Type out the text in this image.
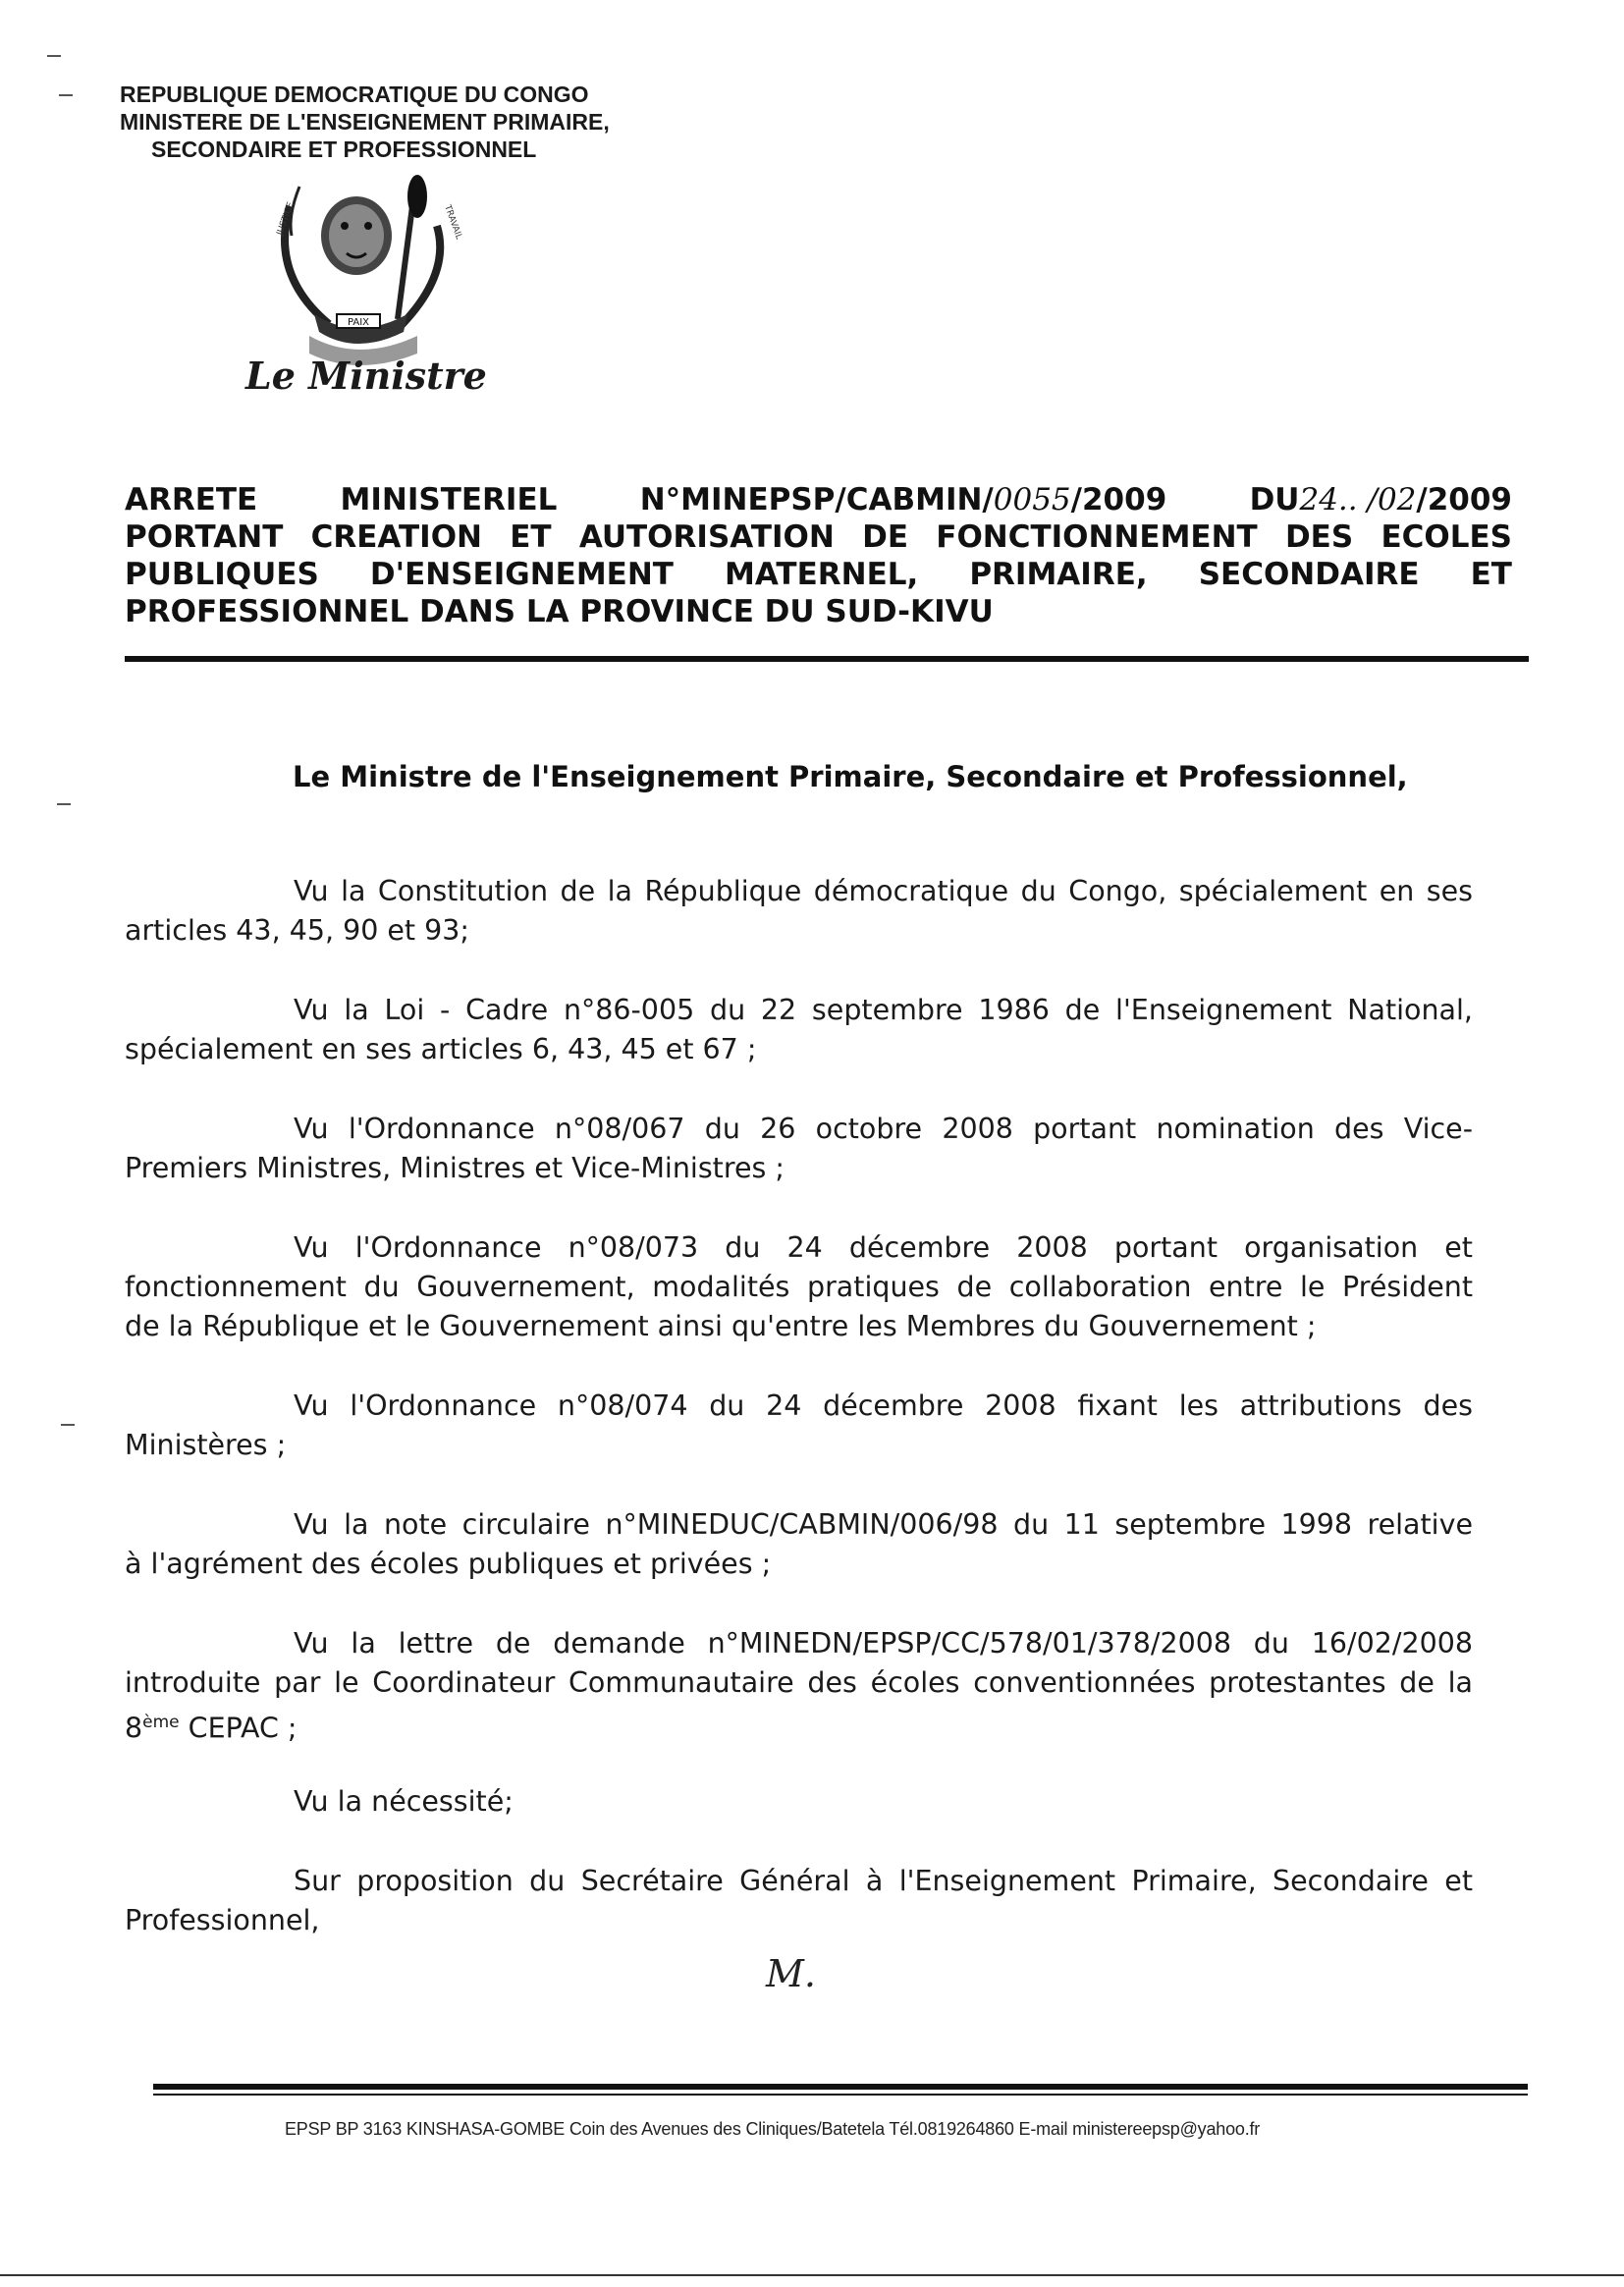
REPUBLIQUE DEMOCRATIQUE DU CONGO
MINISTERE DE L'ENSEIGNEMENT PRIMAIRE,
SECONDAIRE ET PROFESSIONNEL
PAIX
JUSTICE	TRAVAIL
Le Ministre
ARRETE	MINISTERIEL	N°MINEPSP/CABMIN/0055/2009	DU24.. /02/2009
PORTANT CREATION ET AUTORISATION DE FONCTIONNEMENT DES ECOLES
PUBLIQUES D'ENSEIGNEMENT MATERNEL, PRIMAIRE, SECONDAIRE ET
PROFESSIONNEL DANS LA PROVINCE DU SUD-KIVU
Le Ministre de l'Enseignement Primaire, Secondaire et Professionnel,
Vu la Constitution de la République démocratique du Congo, spécialement en ses
articles 43, 45, 90 et 93;
Vu la Loi - Cadre n°86-005 du 22 septembre 1986 de l'Enseignement National,
spécialement en ses articles 6, 43, 45 et 67 ;
Vu l'Ordonnance n°08/067 du 26 octobre 2008 portant nomination des Vice-
Premiers Ministres, Ministres et Vice-Ministres ;
Vu l'Ordonnance n°08/073 du 24 décembre 2008 portant organisation et
fonctionnement du Gouvernement, modalités pratiques de collaboration entre le Président
de la République et le Gouvernement ainsi qu'entre les Membres du Gouvernement ;
Vu l'Ordonnance n°08/074 du 24 décembre 2008 fixant les attributions des
Ministères ;
Vu la note circulaire n°MINEDUC/CABMIN/006/98 du 11 septembre 1998 relative
à l'agrément des écoles publiques et privées ;
Vu la lettre de demande n°MINEDN/EPSP/CC/578/01/378/2008 du 16/02/2008
introduite par le Coordinateur Communautaire des écoles conventionnées protestantes de la
8ème CEPAC ;
Vu la nécessité;
Sur proposition du Secrétaire Général à l'Enseignement Primaire, Secondaire et
Professionnel,
M.
EPSP BP 3163 KINSHASA-GOMBE Coin des Avenues des Cliniques/Batetela Tél.0819264860 E-mail ministereepsp@yahoo.fr
